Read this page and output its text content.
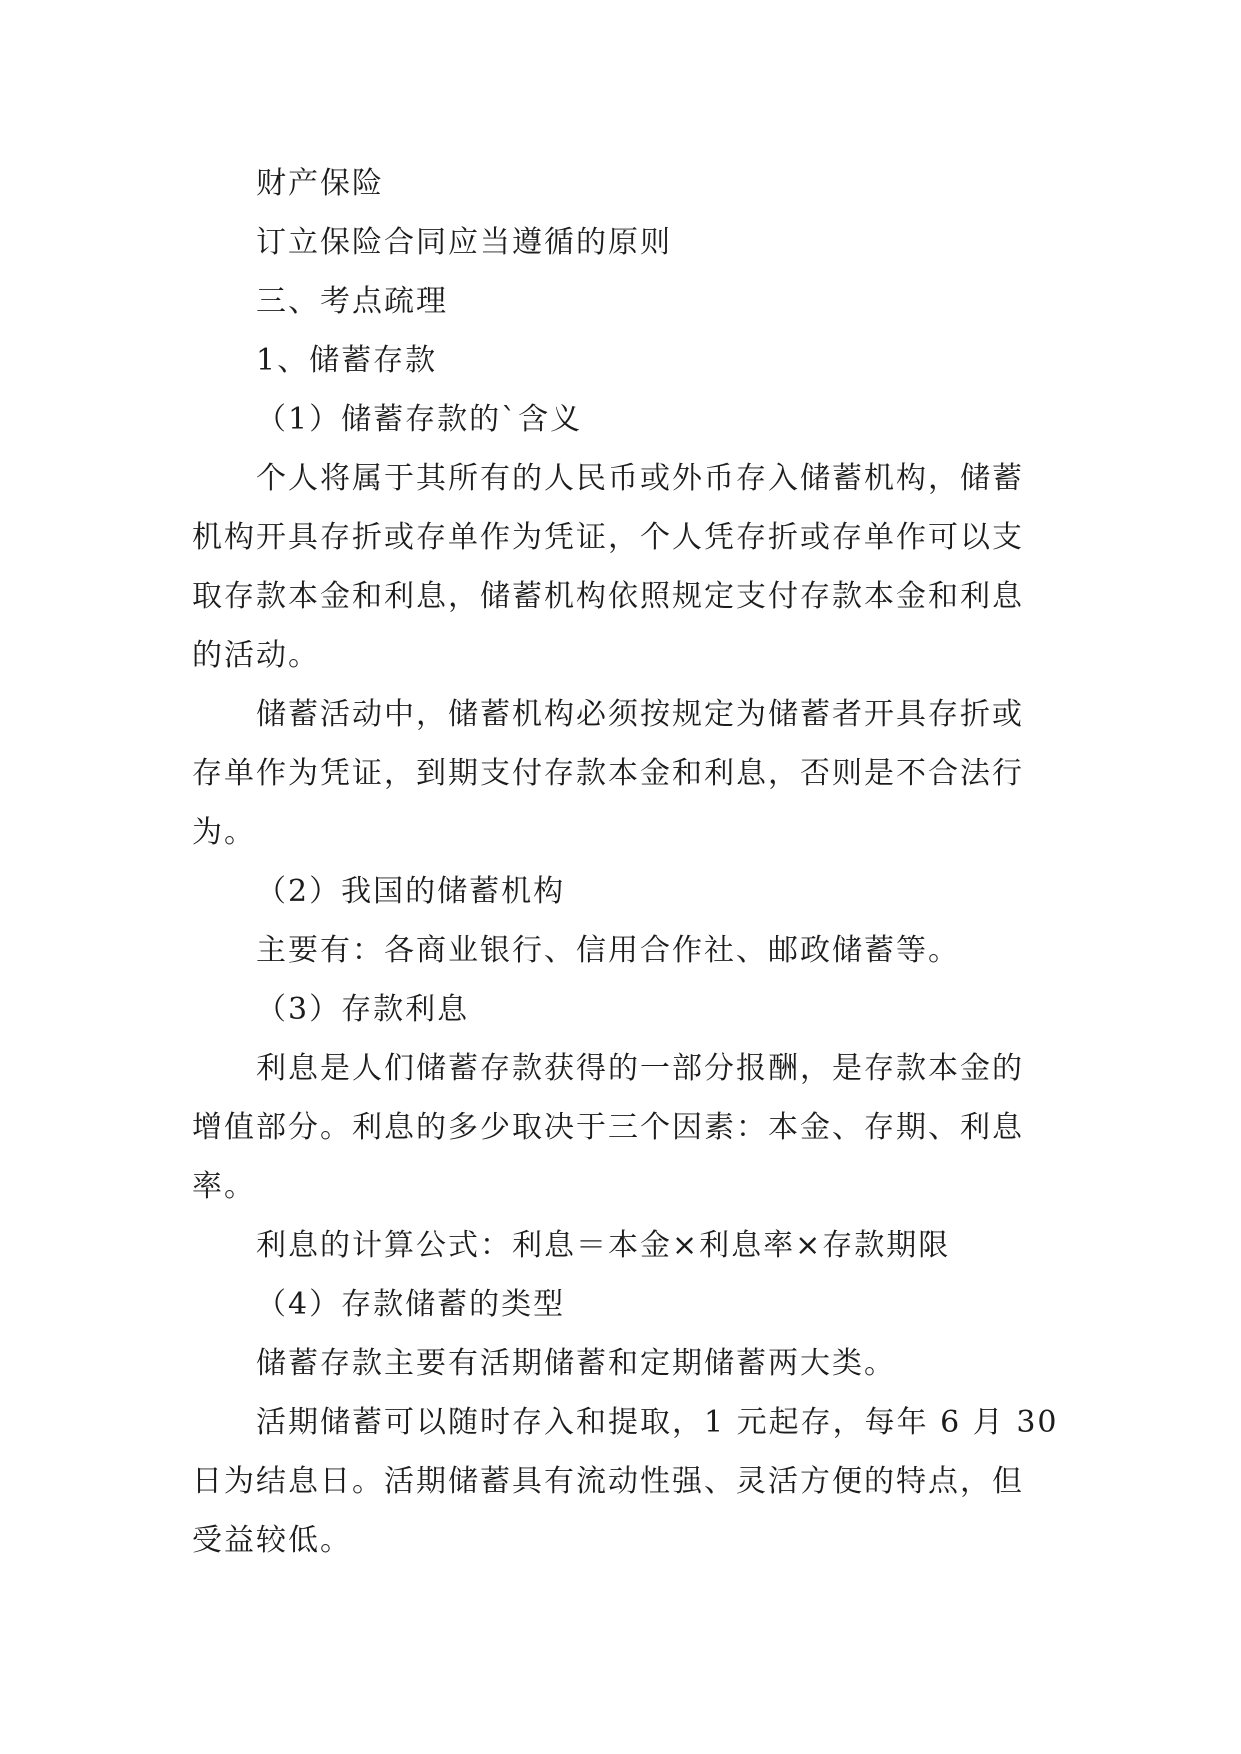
财产保险
订立保险合同应当遵循的原则
三、考点疏理
1、储蓄存款
（1）储蓄存款的`含义
个人将属于其所有的人民币或外币存入储蓄机构，储蓄
机构开具存折或存单作为凭证，个人凭存折或存单作可以支
取存款本金和利息，储蓄机构依照规定支付存款本金和利息
的活动。
储蓄活动中，储蓄机构必须按规定为储蓄者开具存折或
存单作为凭证，到期支付存款本金和利息，否则是不合法行
为。
（2）我国的储蓄机构
主要有：各商业银行、信用合作社、邮政储蓄等。
（3）存款利息
利息是人们储蓄存款获得的一部分报酬，是存款本金的
增值部分。利息的多少取决于三个因素：本金、存期、利息
率。
利息的计算公式：利息＝本金×利息率×存款期限
（4）存款储蓄的类型
储蓄存款主要有活期储蓄和定期储蓄两大类。
活期储蓄可以随时存入和提取，1 元起存，每年 6 月 30
日为结息日。活期储蓄具有流动性强、灵活方便的特点，但
受益较低。
